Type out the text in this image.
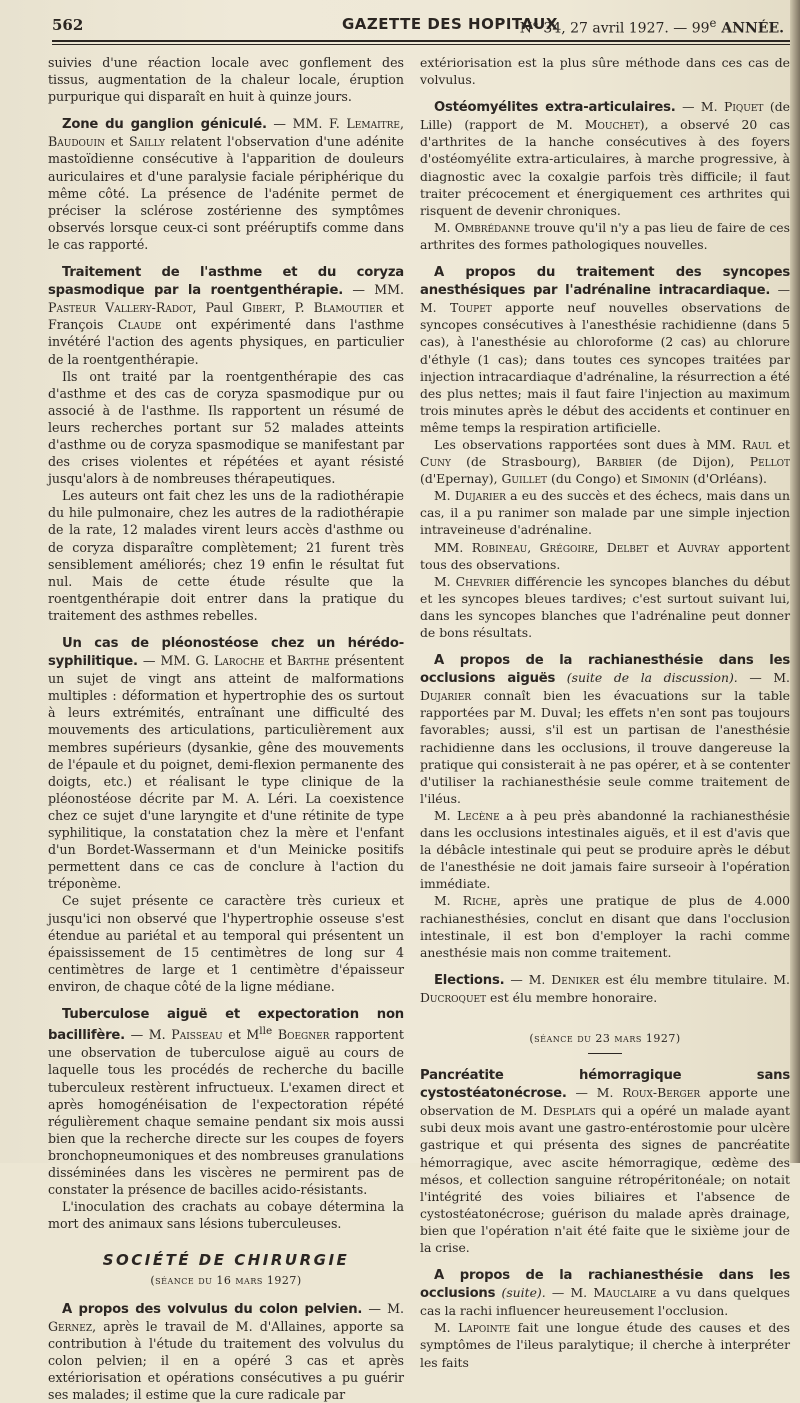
562	GAZETTE DES HOPITAUX
N° 34, 27 avril 1927. — 99e ANNÉE.

suivies d'une réaction locale avec gonflement des tissus, augmentation de la chaleur locale, éruption purpurique qui disparaît en huit à quinze jours.

Zone du ganglion géniculé. — MM. F. Lemaitre, Baudouin et Sailly relatent l'observation d'une adénite mastoïdienne consécutive à l'apparition de douleurs auriculaires et d'une paralysie faciale périphérique du même côté. La présence de l'adénite permet de préciser la sclérose zostérienne des symptômes observés lorsque ceux-ci sont prééruptifs comme dans le cas rapporté.

Traitement de l'asthme et du coryza spasmodique par la roentgenthérapie. — MM. Pasteur Vallery-Radot, Paul Gibert, P. Blamoutier et François Claude ont expérimenté dans l'asthme invétéré l'action des agents physiques, en particulier de la roentgenthérapie.

Ils ont traité par la roentgenthérapie des cas d'asthme et des cas de coryza spasmodique pur ou associé à de l'asthme. Ils rapportent un résumé de leurs recherches portant sur 52 malades atteints d'asthme ou de coryza spasmodique se manifestant par des crises violentes et répétées et ayant résisté jusqu'alors à de nombreuses thérapeutiques.

Les auteurs ont fait chez les uns de la radiothérapie du hile pulmonaire, chez les autres de la radiothérapie de la rate, 12 malades virent leurs accès d'asthme ou de coryza disparaître complètement; 21 furent très sensiblement améliorés; chez 19 enfin le résultat fut nul. Mais de cette étude résulte que la roentgenthérapie doit entrer dans la pratique du traitement des asthmes rebelles.

Un cas de pléonostéose chez un hérédo-syphilitique. — MM. G. Laroche et Barthe présentent un sujet de vingt ans atteint de malformations multiples : déformation et hypertrophie des os surtout à leurs extrémités, entraînant une difficulté des mouvements des articulations, particulièrement aux membres supérieurs (dysankie, gêne des mouvements de l'épaule et du poignet, demi-flexion permanente des doigts, etc.) et réalisant le type clinique de la pléonostéose décrite par M. A. Léri. La coexistence chez ce sujet d'une laryngite et d'une rétinite de type syphilitique, la constatation chez la mère et l'enfant d'un Bordet-Wassermann et d'un Meinicke positifs permettent dans ce cas de conclure à l'action du tréponème.

Ce sujet présente ce caractère très curieux et jusqu'ici non observé que l'hypertrophie osseuse s'est étendue au pariétal et au temporal qui présentent un épaississement de 15 centimètres de long sur 4 centimètres de large et 1 centimètre d'épaisseur environ, de chaque côté de la ligne médiane.

Tuberculose aiguë et expectoration non bacillifère. — M. Paisseau et $M^{lle}$ Boegner rapportent une observation de tuberculose aiguë au cours de laquelle tous les procédés de recherche du bacille tuberculeux restèrent infructueux. L'examen direct et après homogénéisation de l'expectoration répété régulièrement chaque semaine pendant six mois aussi bien que la recherche directe sur les coupes de foyers bronchopneumoniques et des nombreuses granulations disséminées dans les viscères ne permirent pas de constater la présence de bacilles acido-résistants.

L'inoculation des crachats au cobaye détermina la mort des animaux sans lésions tuberculeuses.

SOCIÉTÉ DE CHIRURGIE
(séance du 16 mars 1927)

A propos des volvulus du colon pelvien. — M. Gernez, après le travail de M. d'Allaines, apporte sa contribution à l'étude du traitement des volvulus du colon pelvien; il en a opéré 3 cas et après extériorisation et opérations consécutives a pu guérir ses malades; il estime que la cure radicale par

extériorisation est la plus sûre méthode dans ces cas de volvulus.

Ostéomyélites extra-articulaires. — M. Piquet (de Lille) (rapport de M. Mouchet), a observé 20 cas d'arthrites de la hanche consécutives à des foyers d'ostéomyélite extra-articulaires, à marche progressive, à diagnostic avec la coxalgie parfois très difficile; il faut traiter précocement et énergiquement ces arthrites qui risquent de devenir chroniques.

M. Ombrédanne trouve qu'il n'y a pas lieu de faire de ces arthrites des formes pathologiques nouvelles.

A propos du traitement des syncopes anesthésiques par l'adrénaline intracardiaque. — M. Toupet apporte neuf nouvelles observations de syncopes consécutives à l'anesthésie rachidienne (dans 5 cas), à l'anesthésie au chloroforme (2 cas) au chlorure d'éthyle (1 cas); dans toutes ces syncopes traitées par injection intracardiaque d'adrénaline, la résurrection a été des plus nettes; mais il faut faire l'injection au maximum trois minutes après le début des accidents et continuer en même temps la respiration artificielle.

Les observations rapportées sont dues à MM. Raul et Cuny (de Strasbourg), Barbier (de Dijon), Pellot (d'Epernay), Guillet (du Congo) et Simonin (d'Orléans).

M. Dujarier a eu des succès et des échecs, mais dans un cas, il a pu ranimer son malade par une simple injection intraveineuse d'adrénaline.

MM. Robineau, Grégoire, Delbet et Auvray apportent tous des observations.

M. Chevrier différencie les syncopes blanches du début et les syncopes bleues tardives; c'est surtout suivant lui, dans les syncopes blanches que l'adrénaline peut donner de bons résultats.

A propos de la rachianesthésie dans les occlusions aiguës (suite de la discussion). — M. Dujarier connaît bien les évacuations sur la table rapportées par M. Duval; les effets n'en sont pas toujours favorables; aussi, s'il est un partisan de l'anesthésie rachidienne dans les occlusions, il trouve dangereuse la pratique qui consisterait à ne pas opérer, et à se contenter d'utiliser la rachianesthésie seule comme traitement de l'iléus.

M. Lecène a à peu près abandonné la rachianesthésie dans les occlusions intestinales aiguës, et il est d'avis que la débâcle intestinale qui peut se produire après le début de l'anesthésie ne doit jamais faire surseoir à l'opération immédiate.

M. Riche, après une pratique de plus de 4.000 rachianesthésies, conclut en disant que dans l'occlusion intestinale, il est bon d'employer la rachi comme anesthésie mais non comme traitement.

Elections. — M. Deniker est élu membre titulaire. M. Ducroquet est élu membre honoraire.

(séance du 23 mars 1927)

Pancréatite hémorragique sans cystostéatonécrose. — M. Roux-Berger apporte une observation de M. Desplats qui a opéré un malade ayant subi deux mois avant une gastro-entérostomie pour ulcère gastrique et qui présenta des signes de pancréatite hémorragique, avec ascite hémorragique, œdème des mésos, et collection sanguine rétropéritonéale; on notait l'intégrité des voies biliaires et l'absence de cystostéatonécrose; guérison du malade après drainage, bien que l'opération n'ait été faite que le sixième jour de la crise.

A propos de la rachianesthésie dans les occlusions (suite). — M. Mauclaire a vu dans quelques cas la rachi influencer heureusement l'occlusion.

M. Lapointe fait une longue étude des causes et des symptômes de l'ileus paralytique; il cherche à interpréter les faits
